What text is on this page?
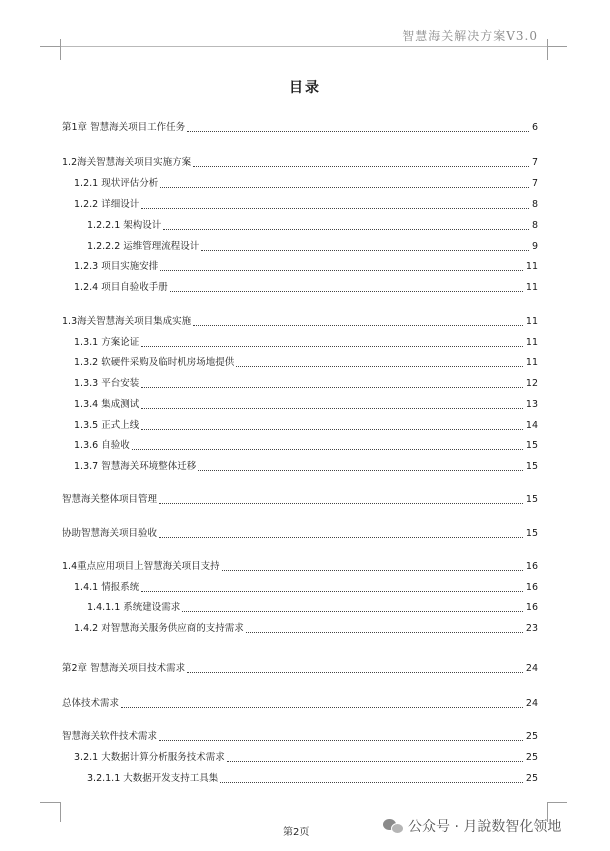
智慧海关解决方案V3.0
目录
第1章 智慧海关项目工作任务	6
1.2海关智慧海关项目实施方案	7
1.2.1 现状评估分析	7
1.2.2 详细设计	8
1.2.2.1 架构设计	8
1.2.2.2 运维管理流程设计	9
1.2.3 项目实施安排	11
1.2.4 项目自验收手册	11
1.3海关智慧海关项目集成实施	11
1.3.1 方案论证	11
1.3.2 软硬件采购及临时机房场地提供	11
1.3.3 平台安装	12
1.3.4 集成测试	13
1.3.5 正式上线	14
1.3.6 自验收	15
1.3.7 智慧海关环境整体迁移	15
智慧海关整体项目管理	15
协助智慧海关项目验收	15
1.4重点应用项目上智慧海关项目支持	16
1.4.1 情报系统	16
1.4.1.1 系统建设需求	16
1.4.2 对智慧海关服务供应商的支持需求	23
第2章 智慧海关项目技术需求	24
总体技术需求	24
智慧海关软件技术需求	25
3.2.1 大数据计算分析服务技术需求	25
3.2.1.1 大数据开发支持工具集	25
第2页	公众号 · 月說数智化领地
